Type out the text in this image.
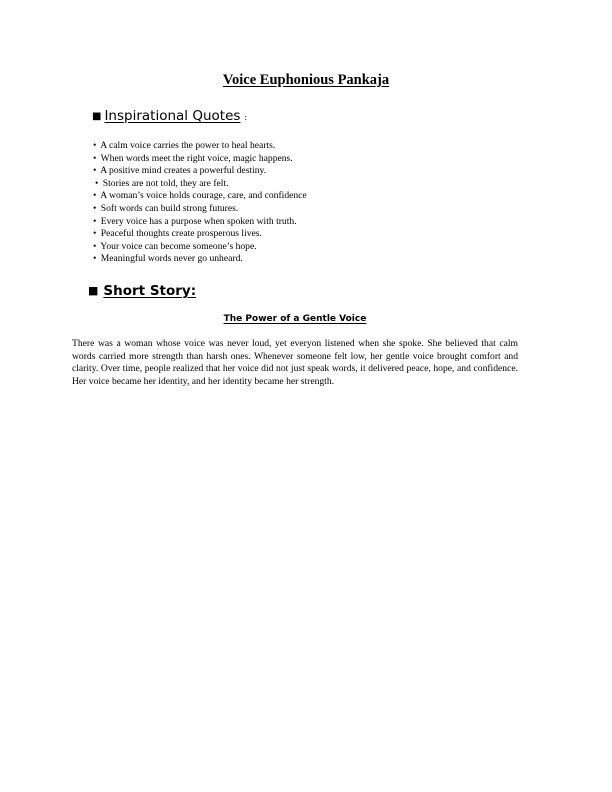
Voice Euphonious Pankaja
■ Inspirational Quotes :
• A calm voice carries the power to heal hearts.
• When words meet the right voice, magic happens.
• A positive mind creates a powerful destiny.
• Stories are not told, they are felt.
• A woman’s voice holds courage, care, and confidence
• Soft words can build strong futures.
• Every voice has a purpose when spoken with truth.
• Peaceful thoughts create prosperous lives.
• Your voice can become someone’s hope.
• Meaningful words never go unheard.
■ Short Story:
The Power of a Gentle Voice

There was a woman whose voice was never loud, yet everyon listened when she spoke. She believed that calm words carried more strength than harsh ones. Whenever someone felt low, her gentle voice brought comfort and clarity. Over time, people realized that her voice did not just speak words, it delivered peace, hope, and confidence. Her voice became her identity, and her identity became her strength.
